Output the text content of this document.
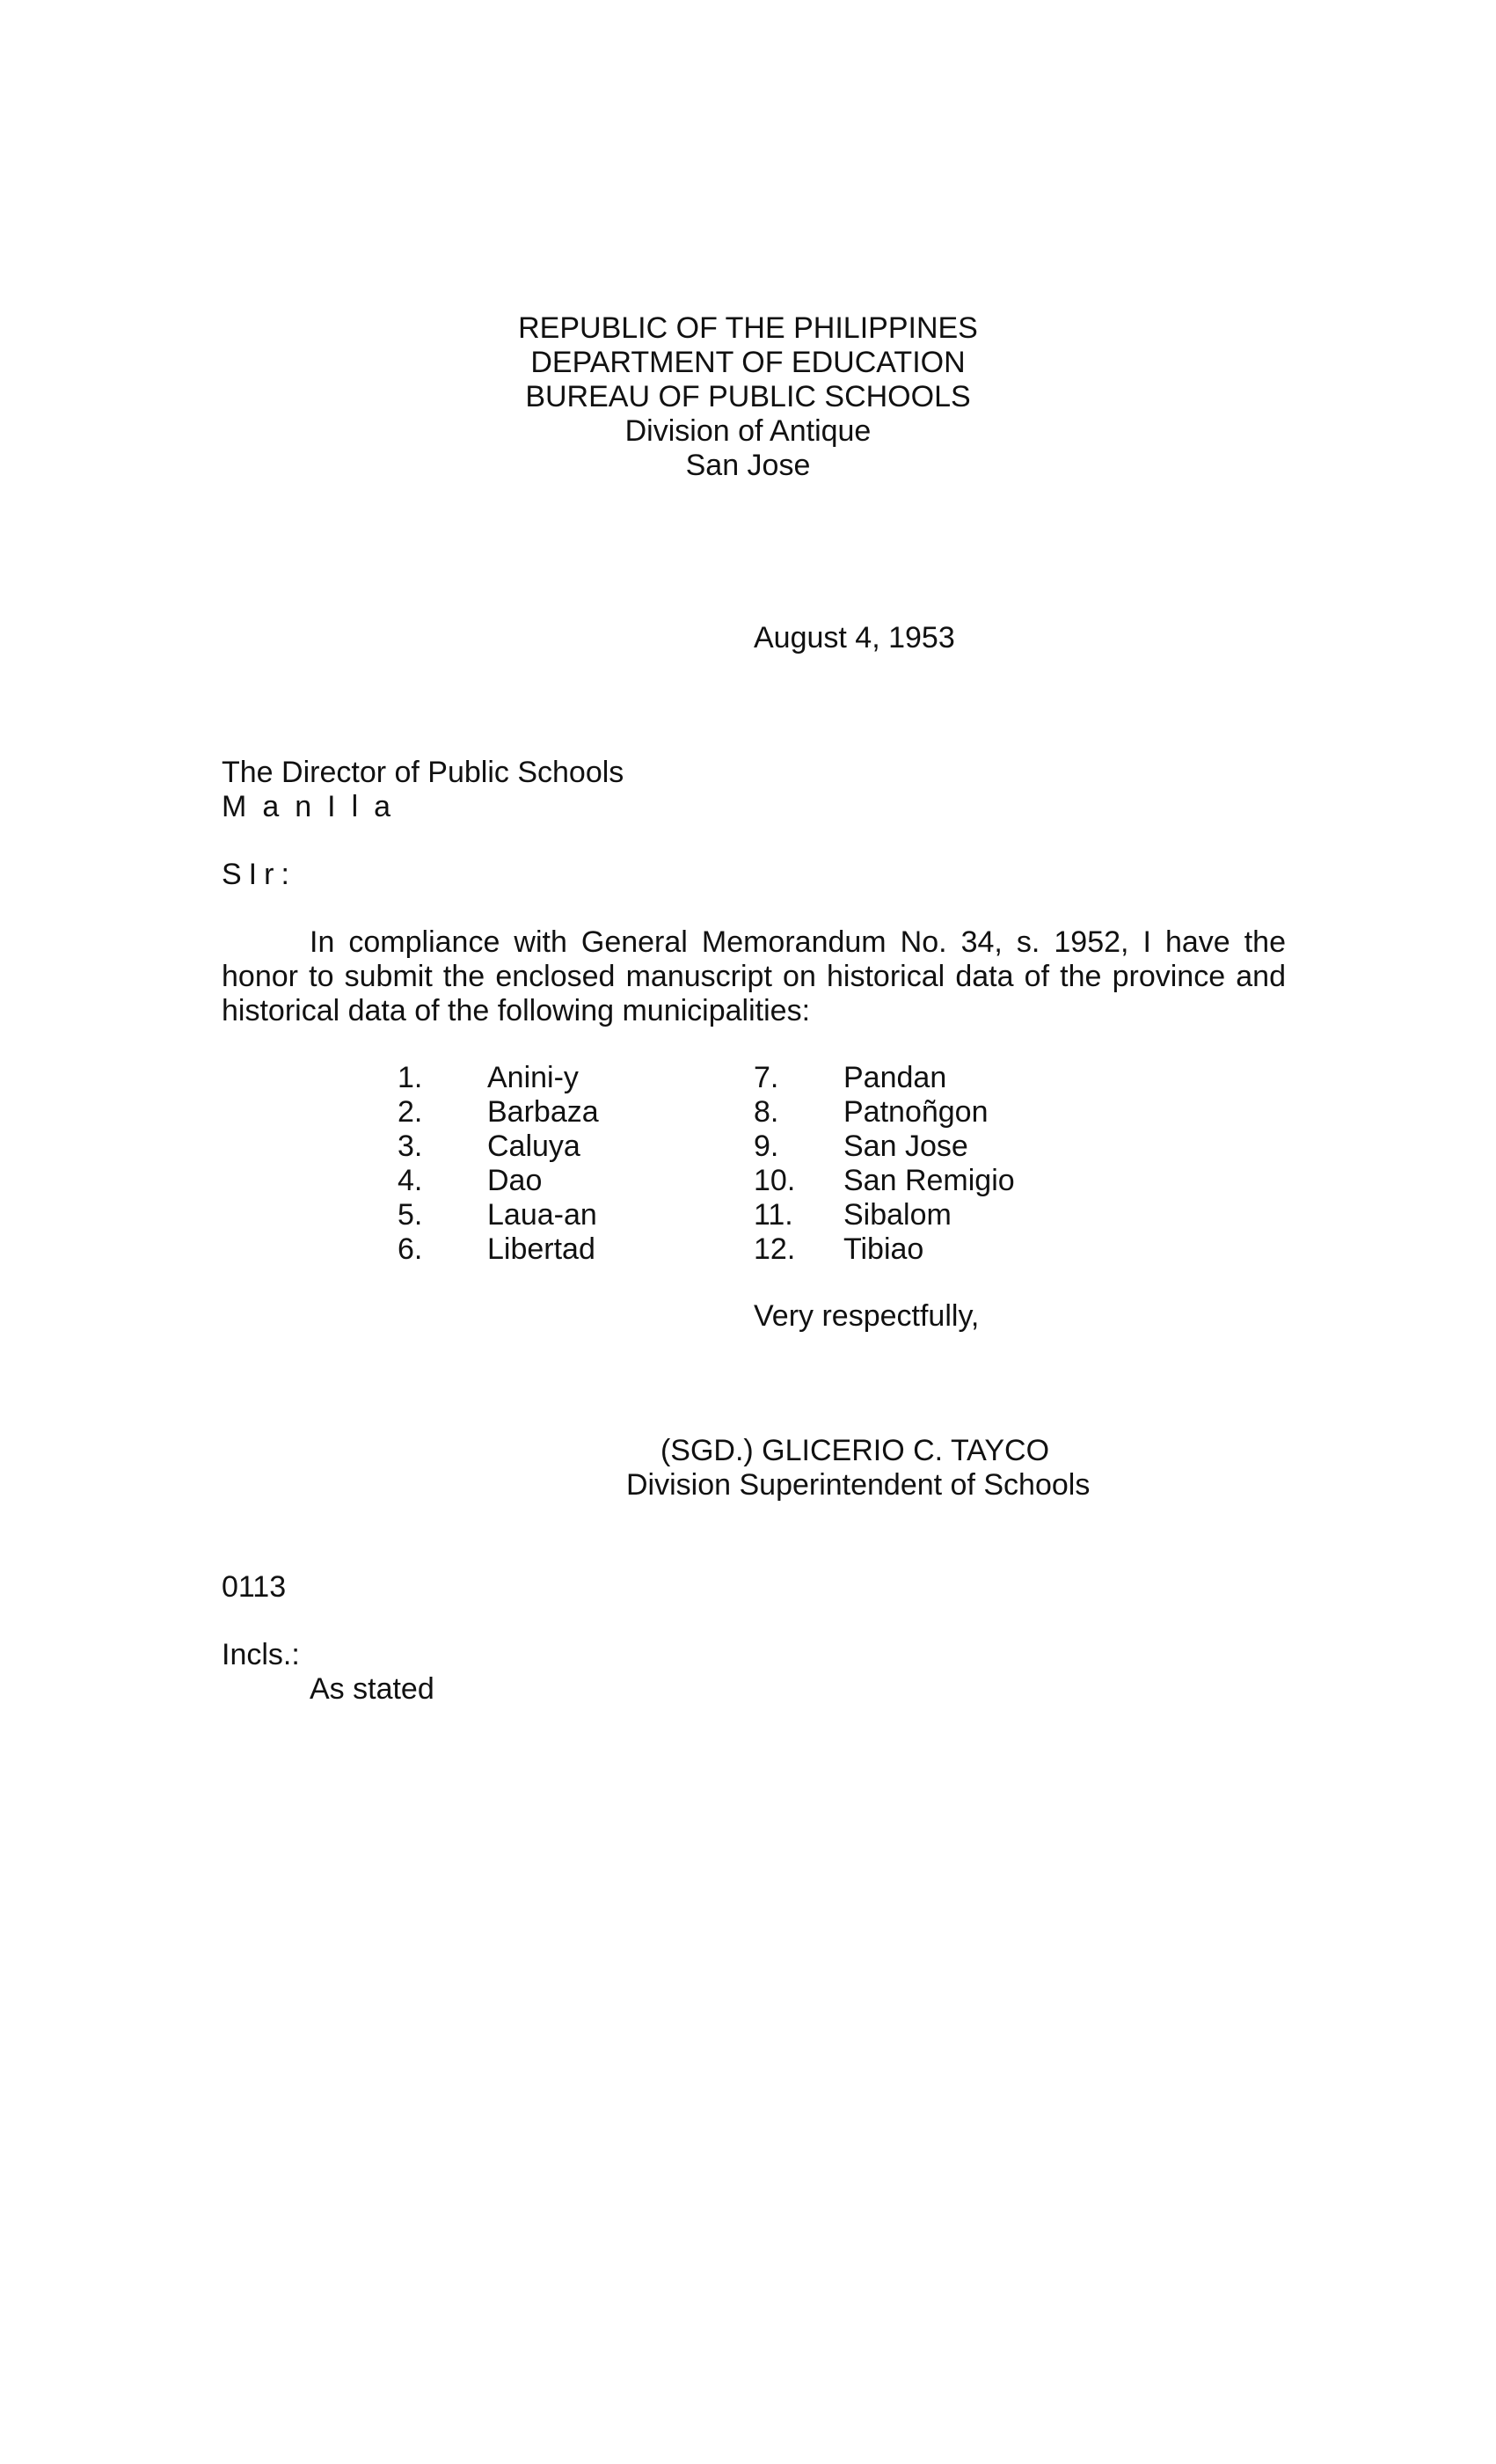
REPUBLIC OF THE PHILIPPINES
DEPARTMENT OF EDUCATION
BUREAU OF PUBLIC SCHOOLS
Division of Antique
San Jose
August 4, 1953
The Director of Public Schools
ManIla
SIr:
In compliance with General Memorandum No. 34, s. 1952, I have the honor to submit the enclosed manuscript on historical data of the province and historical data of the following municipalities:
1. Anini-y
2. Barbaza
3. Caluya
4. Dao
5. Laua-an
6. Libertad
7. Pandan
8. Patnoñgon
9. San Jose
10. San Remigio
11. Sibalom
12. Tibiao
Very respectfully,
(SGD.) GLICERIO C. TAYCO
Division Superintendent of Schools
0113
Incls.:
As stated
